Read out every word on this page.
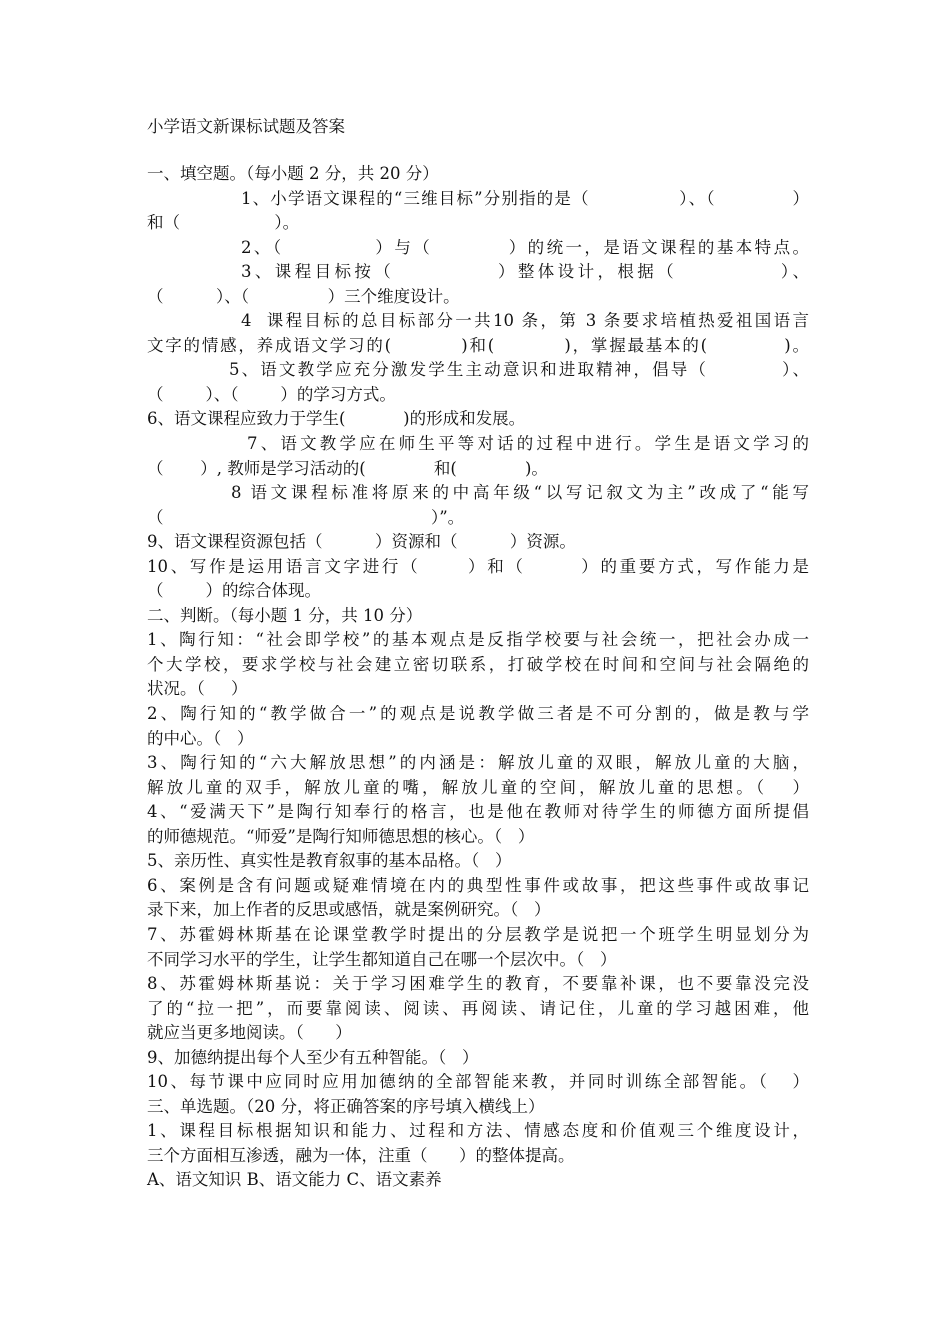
小学语文新课标试题及答案
一、填空题。（每小题 2 分，共 20 分）
1、小学语文课程的“三维目标”分别指的是（              ）、（            ）
和（                  ）。
2、（            ）与（          ）的统一，是语文课程的基本特点。
3、课程目标按（            ）整体设计，根据（            ）、
（          ）、（               ）三个维度设计。
4  课程目标的总目标部分一共10 条，第 3 条要求培植热爱祖国语言
文字的情感，养成语文学习的(          )和(          )，掌握最基本的(           )。
5、语文教学应充分激发学生主动意识和进取精神，倡导（          ）、
（        ）、（        ）的学习方式。
6、语文课程应致力于学生(           )的形成和发展。
7、语文教学应在师生平等对话的过程中进行。学生是语文学习的
（       ）, 教师是学习活动的(             和(             )。
8 语文课程标准将原来的中高年级“以写记叙文为主”改成了“能写
（                                                   ）”。
9、语文课程资源包括（          ）资源和（          ）资源。
10、写作是运用语言文字进行（      ）和（       ）的重要方式，写作能力是
（        ）的综合体现。
二、判断。（每小题 1 分，共 10 分）
1、陶行知：“社会即学校”的基本观点是反指学校要与社会统一，把社会办成一
个大学校，要求学校与社会建立密切联系，打破学校在时间和空间与社会隔绝的
状况。（     ）
2、陶行知的“教学做合一”的观点是说教学做三者是不可分割的，做是教与学
的中心。（   ）
3、陶行知的“六大解放思想”的内涵是：解放儿童的双眼，解放儿童的大脑，
解放儿童的双手，解放儿童的嘴，解放儿童的空间，解放儿童的思想。（   ）
4、“爱满天下”是陶行知奉行的格言，也是他在教师对待学生的师德方面所提倡
的师德规范。“师爱”是陶行知师德思想的核心。（   ）
5、亲历性、真实性是教育叙事的基本品格。（   ）
6、案例是含有问题或疑难情境在内的典型性事件或故事，把这些事件或故事记
录下来，加上作者的反思或感悟，就是案例研究。（   ）
7、苏霍姆林斯基在论课堂教学时提出的分层教学是说把一个班学生明显划分为
不同学习水平的学生，让学生都知道自己在哪一个层次中。（   ）
8、苏霍姆林斯基说：关于学习困难学生的教育，不要靠补课，也不要靠没完没
了的“拉一把”，而要靠阅读、阅读、再阅读、请记住，儿童的学习越困难，他
就应当更多地阅读。（      ）
9、加德纳提出每个人至少有五种智能。（   ）
10、每节课中应同时应用加德纳的全部智能来教，并同时训练全部智能。（   ）
三、单选题。（20 分，将正确答案的序号填入横线上）
1、课程目标根据知识和能力、过程和方法、情感态度和价值观三个维度设计，
三个方面相互渗透，融为一体，注重（      ）的整体提高。
A、语文知识 B、语文能力 C、语文素养
